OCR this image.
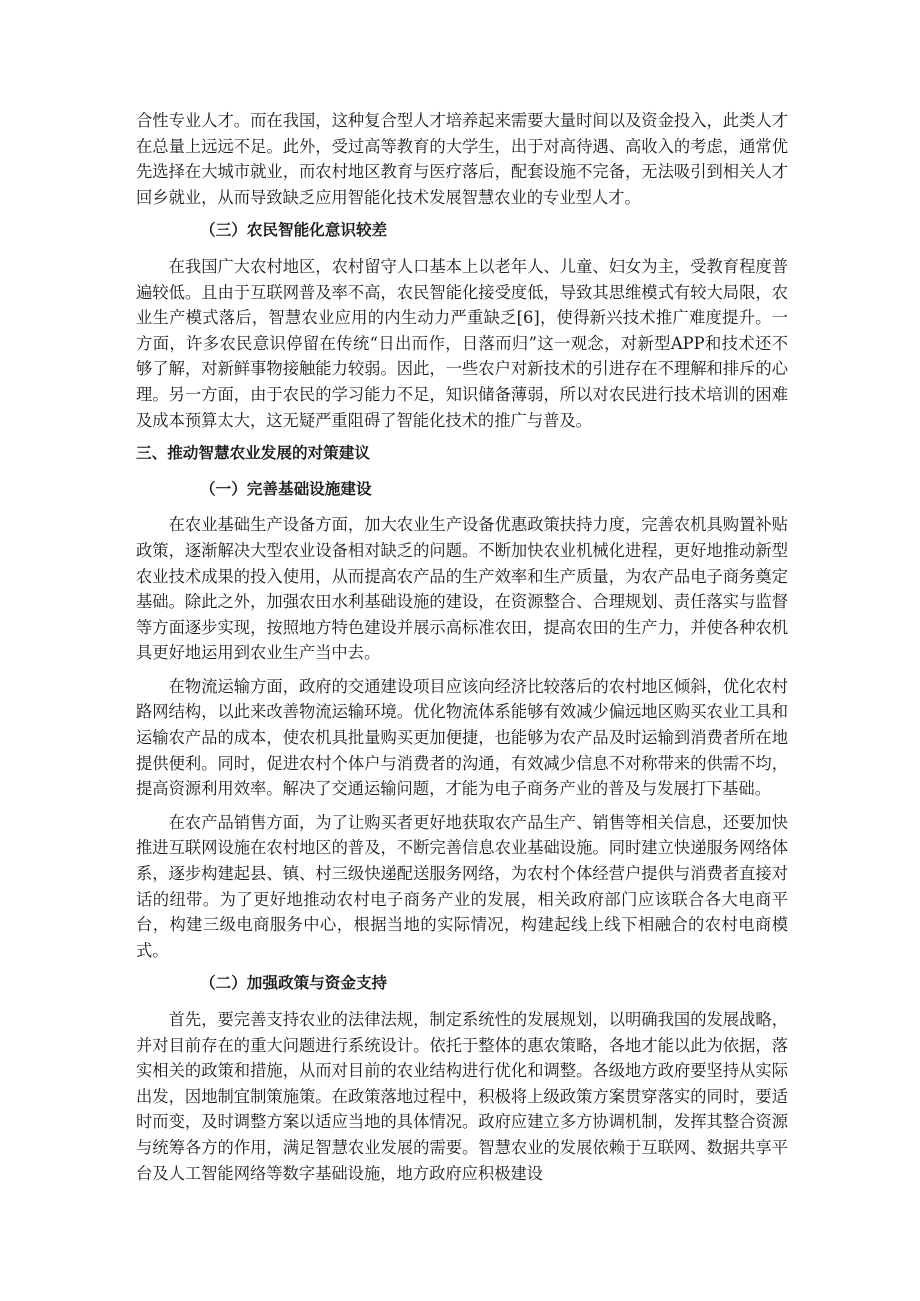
合性专业人才。而在我国，这种复合型人才培养起来需要大量时间以及资金投入，此类人才在总量上远远不足。此外，受过高等教育的大学生，出于对高待遇、高收入的考虑，通常优先选择在大城市就业，而农村地区教育与医疗落后，配套设施不完备，无法吸引到相关人才回乡就业，从而导致缺乏应用智能化技术发展智慧农业的专业型人才。

（三）农民智能化意识较差

在我国广大农村地区，农村留守人口基本上以老年人、儿童、妇女为主，受教育程度普遍较低。且由于互联网普及率不高，农民智能化接受度低，导致其思维模式有较大局限，农业生产模式落后，智慧农业应用的内生动力严重缺乏[6]，使得新兴技术推广难度提升。一方面，许多农民意识停留在传统“日出而作，日落而归”这一观念，对新型APP和技术还不够了解，对新鲜事物接触能力较弱。因此，一些农户对新技术的引进存在不理解和排斥的心理。另一方面，由于农民的学习能力不足，知识储备薄弱，所以对农民进行技术培训的困难及成本预算太大，这无疑严重阻碍了智能化技术的推广与普及。

三、推动智慧农业发展的对策建议
（一）完善基础设施建设

在农业基础生产设备方面，加大农业生产设备优惠政策扶持力度，完善农机具购置补贴政策，逐渐解决大型农业设备相对缺乏的问题。不断加快农业机械化进程，更好地推动新型农业技术成果的投入使用，从而提高农产品的生产效率和生产质量，为农产品电子商务奠定基础。除此之外，加强农田水利基础设施的建设，在资源整合、合理规划、责任落实与监督等方面逐步实现，按照地方特色建设并展示高标准农田，提高农田的生产力，并使各种农机具更好地运用到农业生产当中去。

在物流运输方面，政府的交通建设项目应该向经济比较落后的农村地区倾斜，优化农村路网结构，以此来改善物流运输环境。优化物流体系能够有效减少偏远地区购买农业工具和运输农产品的成本，使农机具批量购买更加便捷，也能够为农产品及时运输到消费者所在地提供便利。同时，促进农村个体户与消费者的沟通，有效减少信息不对称带来的供需不均，提高资源利用效率。解决了交通运输问题，才能为电子商务产业的普及与发展打下基础。

在农产品销售方面，为了让购买者更好地获取农产品生产、销售等相关信息，还要加快推进互联网设施在农村地区的普及，不断完善信息农业基础设施。同时建立快递服务网络体系，逐步构建起县、镇、村三级快递配送服务网络，为农村个体经营户提供与消费者直接对话的纽带。为了更好地推动农村电子商务产业的发展，相关政府部门应该联合各大电商平台，构建三级电商服务中心，根据当地的实际情况，构建起线上线下相融合的农村电商模式。

（二）加强政策与资金支持

首先，要完善支持农业的法律法规，制定系统性的发展规划，以明确我国的发展战略，并对目前存在的重大问题进行系统设计。依托于整体的惠农策略，各地才能以此为依据，落实相关的政策和措施，从而对目前的农业结构进行优化和调整。各级地方政府要坚持从实际出发，因地制宜制策施策。在政策落地过程中，积极将上级政策方案贯穿落实的同时，要适时而变，及时调整方案以适应当地的具体情况。政府应建立多方协调机制，发挥其整合资源与统筹各方的作用，满足智慧农业发展的需要。智慧农业的发展依赖于互联网、数据共享平台及人工智能网络等数字基础设施，地方政府应积极建设
